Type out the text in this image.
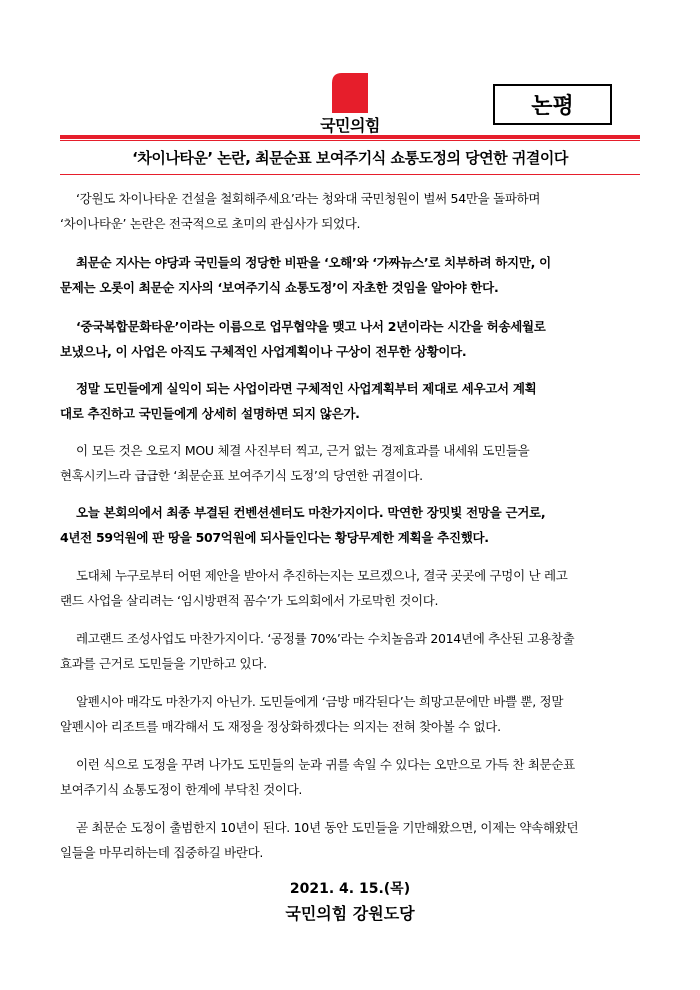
국민의힘
논평
‘차이나타운’ 논란, 최문순표 보여주기식 쇼통도정의 당연한 귀결이다
‘강원도 차이나타운 건설을 철회해주세요’라는 청와대 국민청원이 벌써 54만을 돌파하며
‘차이나타운’ 논란은 전국적으로 초미의 관심사가 되었다.
최문순 지사는 야당과 국민들의 정당한 비판을 ‘오해’와 ‘가짜뉴스’로 치부하려 하지만, 이
문제는 오롯이 최문순 지사의 ‘보여주기식 쇼통도정’이 자초한 것임을 알아야 한다.
‘중국복합문화타운’이라는 이름으로 업무협약을 맺고 나서 2년이라는 시간을 허송세월로
보냈으나, 이 사업은 아직도 구체적인 사업계획이나 구상이 전무한 상황이다.
정말 도민들에게 실익이 되는 사업이라면 구체적인 사업계획부터 제대로 세우고서 계획
대로 추진하고 국민들에게 상세히 설명하면 되지 않은가.
이 모든 것은 오로지 MOU 체결 사진부터 찍고, 근거 없는 경제효과를 내세워 도민들을
현혹시키느라 급급한 ‘최문순표 보여주기식 도정’의 당연한 귀결이다.
오늘 본회의에서 최종 부결된 컨벤션센터도 마찬가지이다. 막연한 장밋빛 전망을 근거로,
4년전 59억원에 판 땅을 507억원에 되사들인다는 황당무계한 계획을 추진했다.
도대체 누구로부터 어떤 제안을 받아서 추진하는지는 모르겠으나, 결국 곳곳에 구멍이 난 레고
랜드 사업을 살리려는 ‘임시방편적 꼼수’가 도의회에서 가로막힌 것이다.
레고랜드 조성사업도 마찬가지이다. ‘공정률 70%’라는 수치놀음과 2014년에 추산된 고용창출
효과를 근거로 도민들을 기만하고 있다.
알펜시아 매각도 마찬가지 아닌가. 도민들에게 ‘금방 매각된다’는 희망고문에만 바쁠 뿐, 정말
알펜시아 리조트를 매각해서 도 재정을 정상화하겠다는 의지는 전혀 찾아볼 수 없다.
이런 식으로 도정을 꾸려 나가도 도민들의 눈과 귀를 속일 수 있다는 오만으로 가득 찬 최문순표
보여주기식 쇼통도정이 한계에 부닥친 것이다.
곧 최문순 도정이 출범한지 10년이 된다. 10년 동안 도민들을 기만해왔으면, 이제는 약속해왔던
일들을 마무리하는데 집중하길 바란다.
2021. 4. 15.(목)
국민의힘 강원도당
